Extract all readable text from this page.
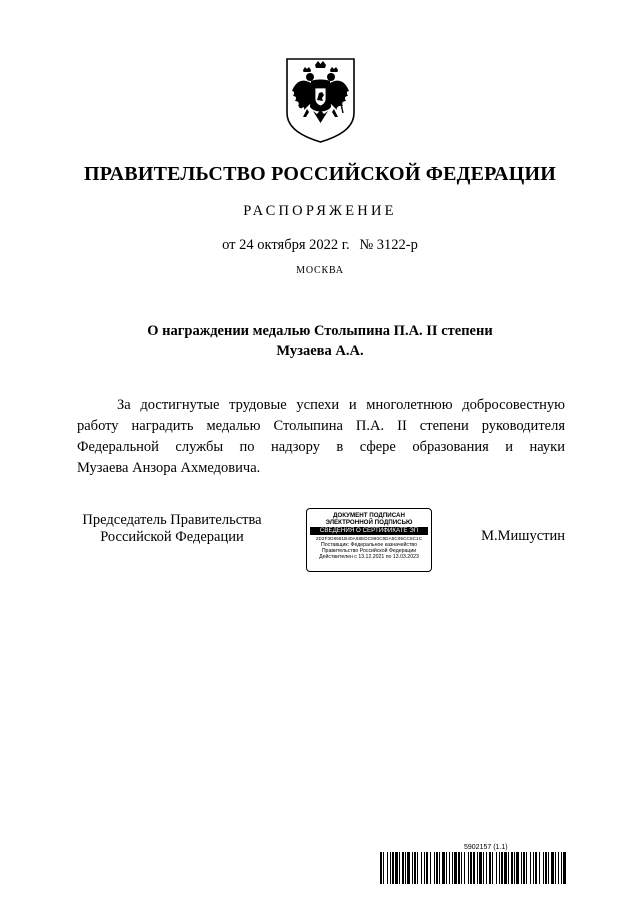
ПРАВИТЕЛЬСТВО РОССИЙСКОЙ ФЕДЕРАЦИИ
РАСПОРЯЖЕНИЕ
от 24 октября 2022 г. № 3122-р
МОСКВА
О награждении медалью Столыпина П.А. II степени
Музаева А.А.
За достигнутые трудовые успехи и многолетнюю добросовестную
работу наградить медалью Столыпина П.А. II степени руководителя
Федеральной службы по надзору в сфере образования и науки
Музаева Анзора Ахмедовича.
Председатель Правительства
Российской Федерации
ДОКУМЕНТ ПОДПИСАН
ЭЛЕКТРОННОЙ ПОДПИСЬЮ
СВЕДЕНИЯ О СЕРТИФИКАТЕ ЭП
2D2F3D8681B40A68EDC990C9DA5C95CC5C1C
Поставщик: Федеральное казначейство
Правительство Российской Федерации
Действителен с 13.12.2021 по 13.03.2023
М.Мишустин
5902157 (1.1)
